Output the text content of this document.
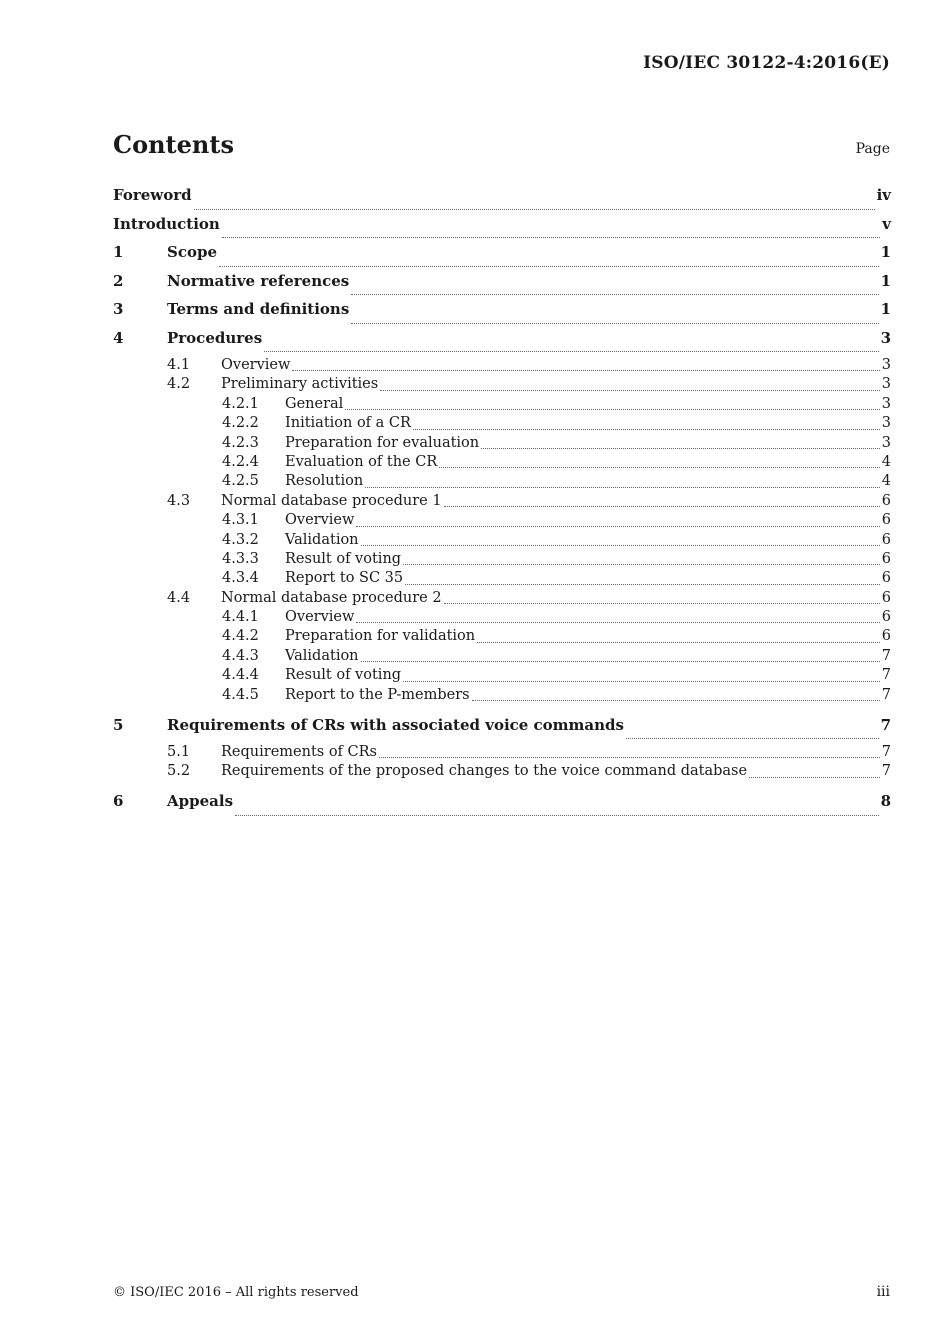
ISO/IEC 30122-4:2016(E)
Contents	Page
Foreword	iv
Introduction	v
1	Scope	1
2	Normative references	1
3	Terms and definitions	1
4	Procedures	3
4.1	Overview	3
4.2	Preliminary activities	3
4.2.1	General	3
4.2.2	Initiation of a CR	3
4.2.3	Preparation for evaluation	3
4.2.4	Evaluation of the CR	4
4.2.5	Resolution	4
4.3	Normal database procedure 1	6
4.3.1	Overview	6
4.3.2	Validation	6
4.3.3	Result of voting	6
4.3.4	Report to SC 35	6
4.4	Normal database procedure 2	6
4.4.1	Overview	6
4.4.2	Preparation for validation	6
4.4.3	Validation	7
4.4.4	Result of voting	7
4.4.5	Report to the P-members	7
5	Requirements of CRs with associated voice commands	7
5.1	Requirements of CRs	7
5.2	Requirements of the proposed changes to the voice command database	7
6	Appeals	8
© ISO/IEC 2016 – All rights reserved	iii
